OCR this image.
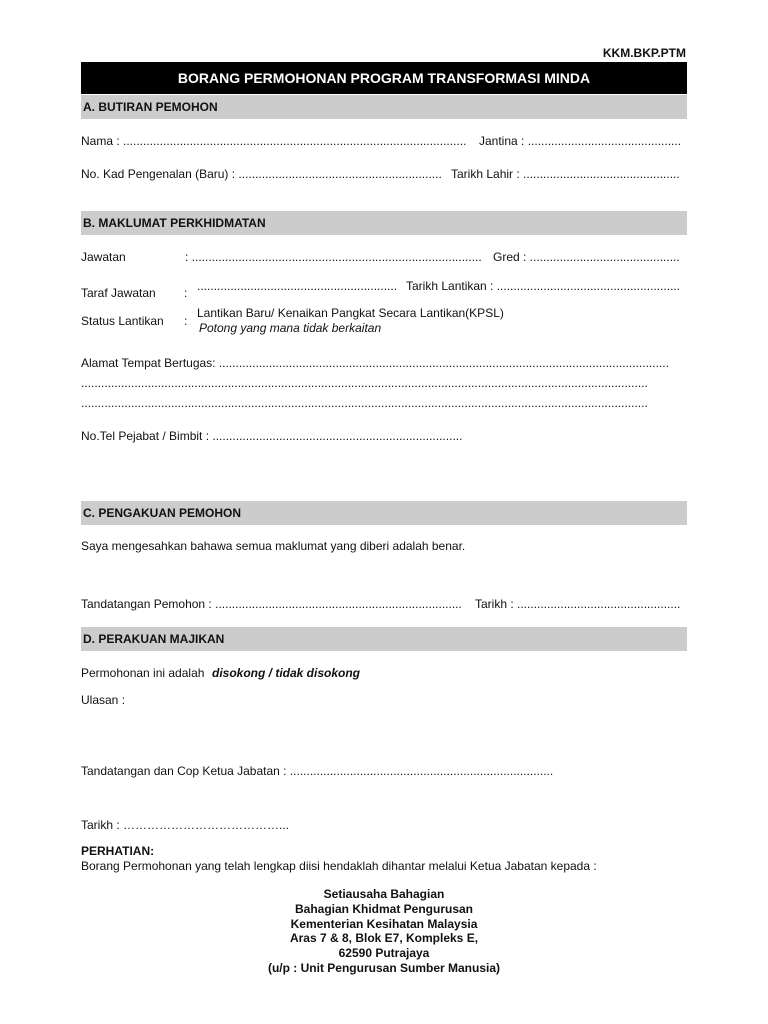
KKM.BKP.PTM
BORANG PERMOHONAN PROGRAM TRANSFORMASI MINDA
A. BUTIRAN PEMOHON
Nama : ....................................................................................................... Jantina : ..............................................
No. Kad Pengenalan (Baru) : ............................................................. Tarikh Lahir : ...............................................
B. MAKLUMAT PERKHIDMATAN
Jawatan	: ....................................................................................... Gred : .............................................
............................................................ Tarikh Lantikan : .......................................................
Taraf Jawatan :
Status Lantikan :
Lantikan Baru/ Kenaikan Pangkat Secara Lantikan(KPSL)
Potong yang mana tidak berkaitan
Alamat Tempat Bertugas: .......................................................................................................................................
..........................................................................................................................................................................
..........................................................................................................................................................................
No.Tel Pejabat / Bimbit : ...........................................................................
C. PENGAKUAN PEMOHON
Saya mengesahkan bahawa semua maklumat yang diberi adalah benar.
Tandatangan Pemohon : .......................................................................... Tarikh : .................................................
D. PERAKUAN MAJIKAN
Permohonan ini adalah disokong / tidak disokong
Ulasan :
Tandatangan dan Cop Ketua Jabatan : ...............................................................................
Tarikh : …………………………………...
PERHATIAN:
Borang Permohonan yang telah lengkap diisi hendaklah dihantar melalui Ketua Jabatan kepada :
Setiausaha Bahagian
Bahagian Khidmat Pengurusan
Kementerian Kesihatan Malaysia
Aras 7 & 8, Blok E7, Kompleks E,
62590 Putrajaya
(u/p : Unit Pengurusan Sumber Manusia)
